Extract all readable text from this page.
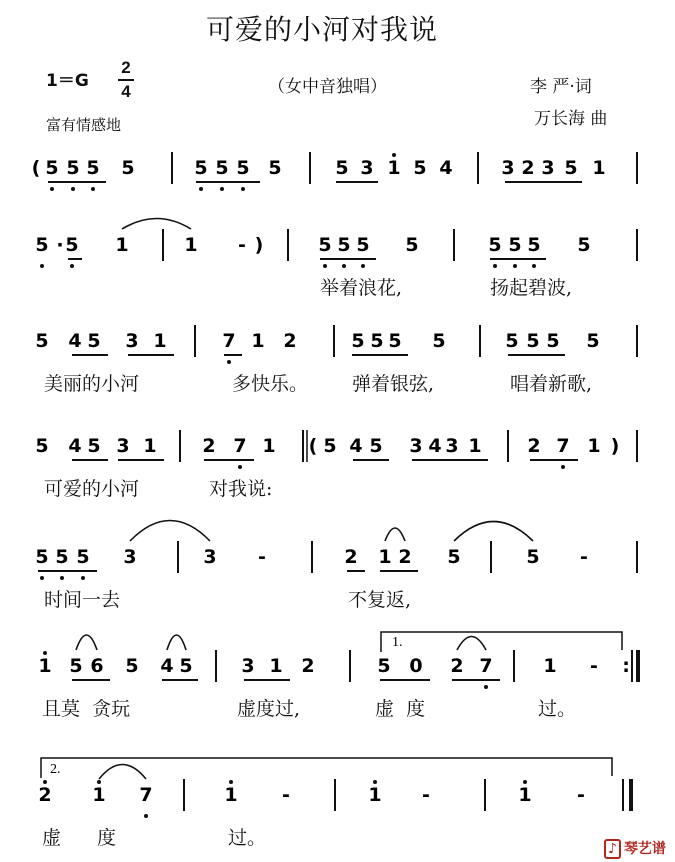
可爱的小河对我说
1＝G
2
4	（女中音独唱）	李 严·词
富有情感地	万长海 曲
( 5 5 5 5	5 5 5 5	5 3 1 5 4	3 2 3 5 1
5 · 5 1	1 - )	5 5 5 5	5 5 5 5
5 4 5 3 1	7 1 2	5 5 5 5	5 5 5 5
5 4 5 3 1 2 7 1 ( 5 4 5 3 4 3 1 2 7 1 )
5 5 5 3	3 -	2 1 2 5	5 -
1 5 6 5 4 5	3 1 2	5 0 2 7	1 - :
2 1 7	1 -	1 -	1 -
1.
2.
举着浪花,	扬起碧波,
美丽的小河	多快乐。 弹着银弦,	唱着新歌,
可爱的小河	对我说:
时间一去	不复返,
且莫  贪玩	虚度过,	虚  度	过。
虚 度	过。	♪ 琴艺谱
